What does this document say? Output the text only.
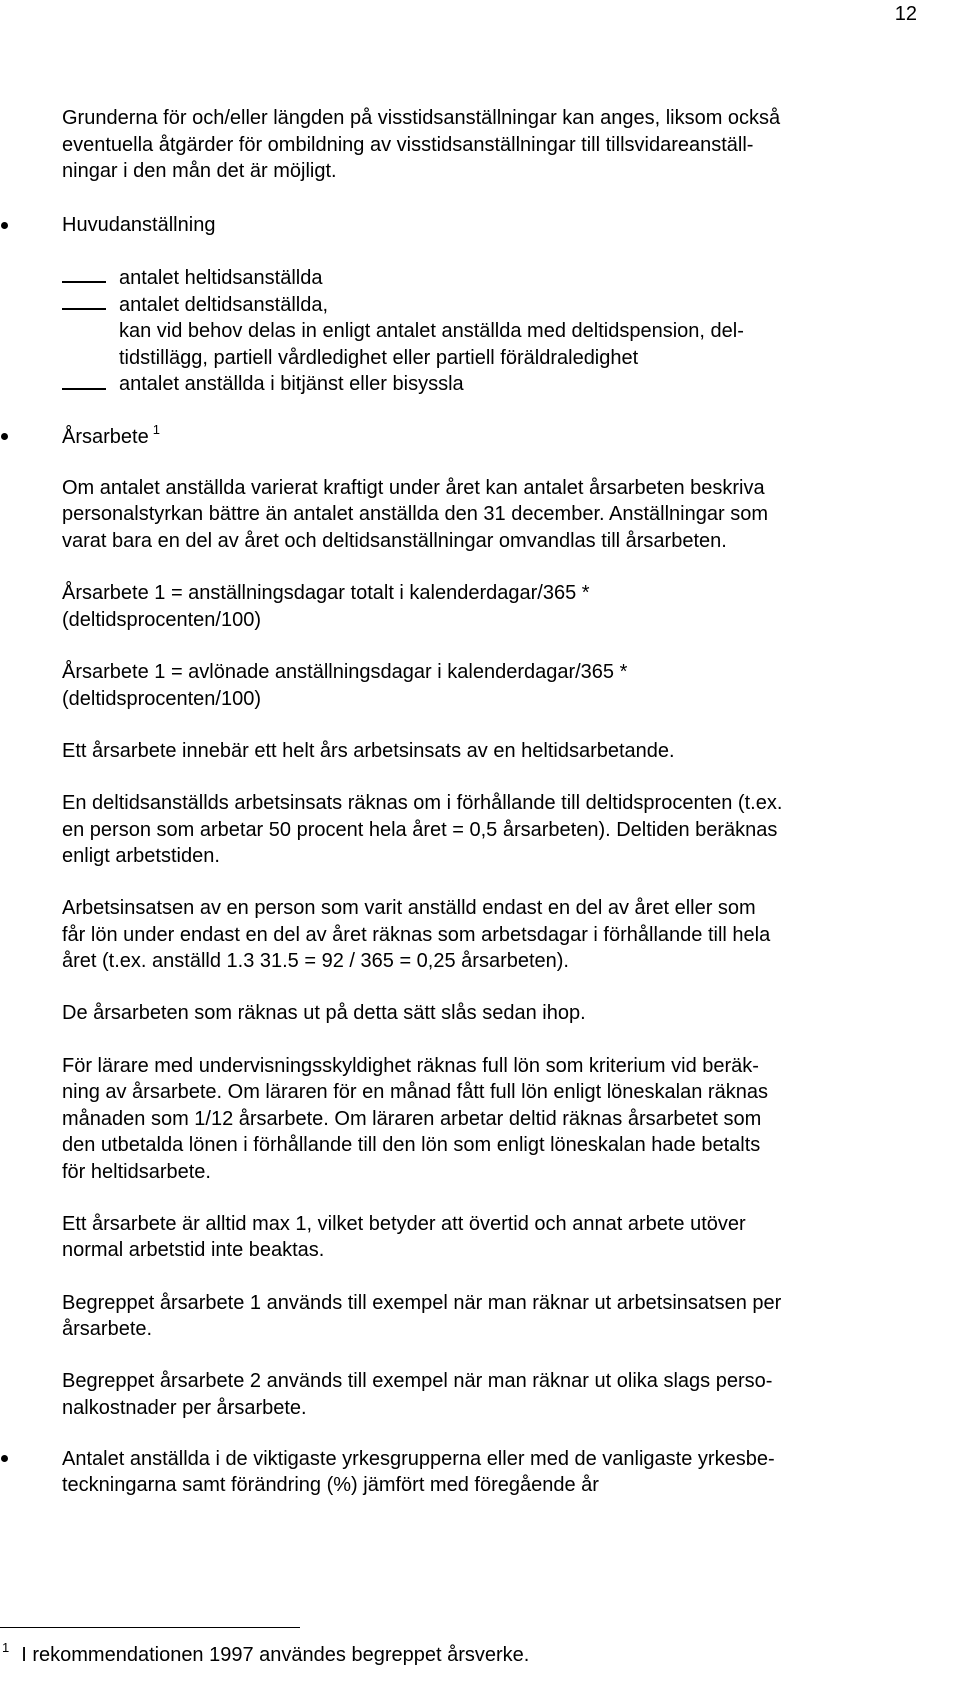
12
Grunderna för och/eller längden på visstidsanställningar kan anges, liksom också
eventuella åtgärder för ombildning av visstidsanställningar till tillsvidareanställ-
ningar i den mån det är möjligt.
Huvudanställning
antalet heltidsanställda
antalet deltidsanställda,
kan vid behov delas in enligt antalet anställda med deltidspension, del-
tidstillägg, partiell vårdledighet eller partiell föräldraledighet
antalet anställda i bitjänst eller bisyssla
Årsarbete $^1$
Om antalet anställda varierat kraftigt under året kan antalet årsarbeten beskriva
personalstyrkan bättre än antalet anställda den 31 december. Anställningar som
varat bara en del av året och deltidsanställningar omvandlas till årsarbeten.
Årsarbete 1 = anställningsdagar totalt i kalenderdagar/365 *
(deltidsprocenten/100)
Årsarbete 1 = avlönade anställningsdagar i kalenderdagar/365 *
(deltidsprocenten/100)
Ett årsarbete innebär ett helt års arbetsinsats av en heltidsarbetande.
En deltidsanställds arbetsinsats räknas om i förhållande till deltidsprocenten (t.ex.
en person som arbetar 50 procent hela året = 0,5 årsarbeten). Deltiden beräknas
enligt arbetstiden.
Arbetsinsatsen av en person som varit anställd endast en del av året eller som
får lön under endast en del av året räknas som arbetsdagar i förhållande till hela
året (t.ex. anställd 1.3 31.5 = 92 / 365 = 0,25 årsarbeten).
De årsarbeten som räknas ut på detta sätt slås sedan ihop.
För lärare med undervisningsskyldighet räknas full lön som kriterium vid beräk-
ning av årsarbete. Om läraren för en månad fått full lön enligt löneskalan räknas
månaden som 1/12 årsarbete. Om läraren arbetar deltid räknas årsarbetet som
den utbetalda lönen i förhållande till den lön som enligt löneskalan hade betalts
för heltidsarbete.
Ett årsarbete är alltid max 1, vilket betyder att övertid och annat arbete utöver
normal arbetstid inte beaktas.
Begreppet årsarbete 1 används till exempel när man räknar ut arbetsinsatsen per
årsarbete.
Begreppet årsarbete 2 används till exempel när man räknar ut olika slags perso-
nalkostnader per årsarbete.
Antalet anställda i de viktigaste yrkesgrupperna eller med de vanligaste yrkesbe-
teckningarna samt förändring (%) jämfört med föregående år
$^1$ I rekommendationen 1997 användes begreppet årsverke.
